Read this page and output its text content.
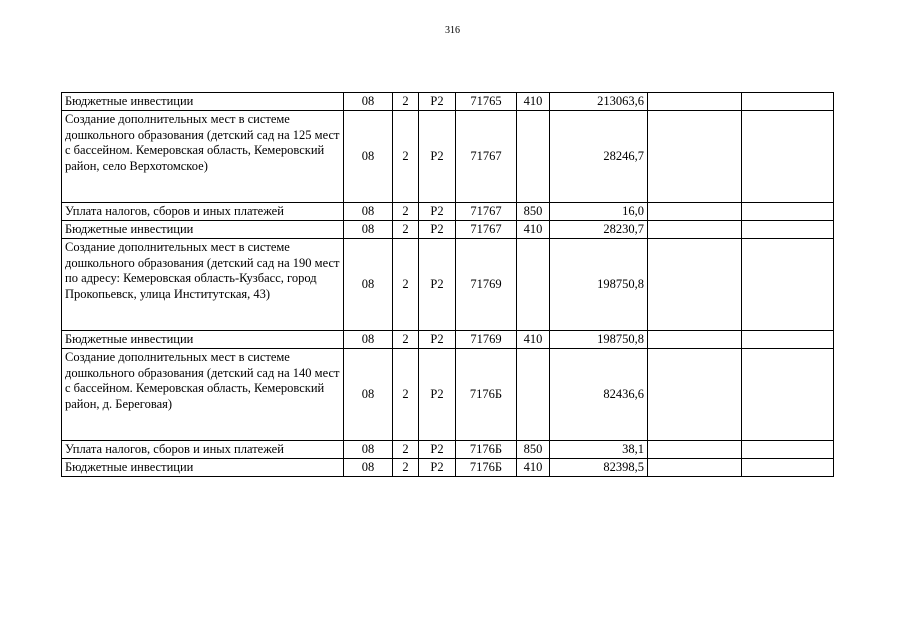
316
Бюджетные инвестиции	08	2	Р2	71765	410	213063,6		
Создание дополнительных мест в системе дошкольного образования (детский сад на 125 мест с бассейном. Кемеровская область, Кемеровский район, село Верхотомское)	08	2	Р2	71767		28246,7		
Уплата налогов, сборов и иных платежей	08	2	Р2	71767	850	16,0		
Бюджетные инвестиции	08	2	Р2	71767	410	28230,7		
Создание дополнительных мест в системе дошкольного образования (детский сад на 190 мест по адресу: Кемеровская область-Кузбасс, город Прокопьевск, улица Институтская, 43)	08	2	Р2	71769		198750,8		
Бюджетные инвестиции	08	2	Р2	71769	410	198750,8		
Создание дополнительных мест в системе дошкольного образования (детский сад на 140 мест с бассейном. Кемеровская область, Кемеровский район, д. Береговая)	08	2	Р2	7176Б		82436,6		
Уплата налогов, сборов и иных платежей	08	2	Р2	7176Б	850	38,1		
Бюджетные инвестиции	08	2	Р2	7176Б	410	82398,5		
